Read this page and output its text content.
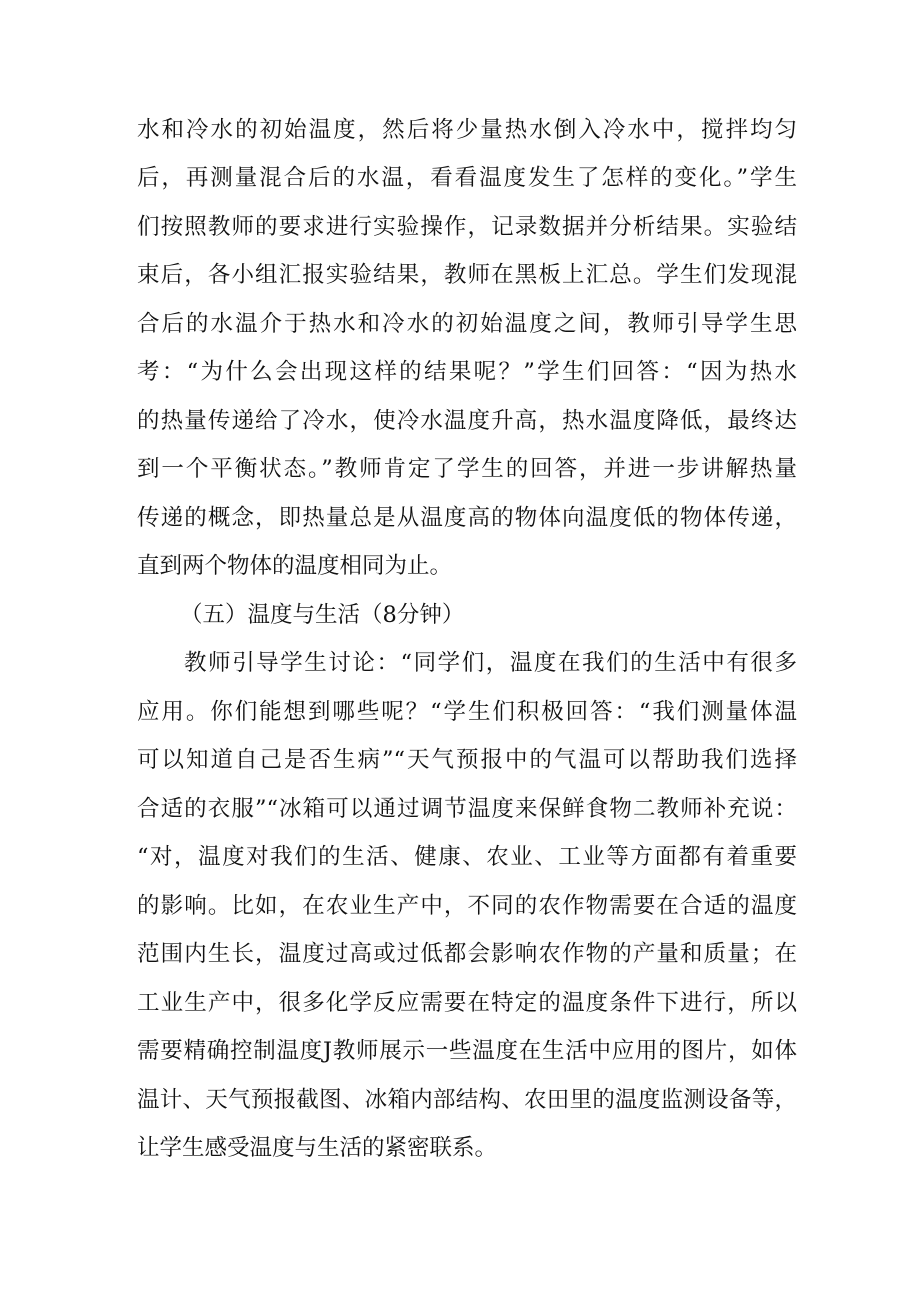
水和冷水的初始温度，然后将少量热水倒入冷水中，搅拌均匀
后，再测量混合后的水温，看看温度发生了怎样的变化。”学生
们按照教师的要求进行实验操作，记录数据并分析结果。实验结
束后，各小组汇报实验结果，教师在黑板上汇总。学生们发现混
合后的水温介于热水和冷水的初始温度之间，教师引导学生思
考：“为什么会出现这样的结果呢？”学生们回答：“因为热水
的热量传递给了冷水，使冷水温度升高，热水温度降低，最终达
到一个平衡状态。”教师肯定了学生的回答，并进一步讲解热量
传递的概念，即热量总是从温度高的物体向温度低的物体传递，
直到两个物体的温度相同为止。
（五）温度与生活（8分钟）
教师引导学生讨论：“同学们，温度在我们的生活中有很多
应用。你们能想到哪些呢？“学生们积极回答：“我们测量体温
可以知道自己是否生病”“天气预报中的气温可以帮助我们选择
合适的衣服”“冰箱可以通过调节温度来保鲜食物二教师补充说：
“对，温度对我们的生活、健康、农业、工业等方面都有着重要
的影响。比如，在农业生产中，不同的农作物需要在合适的温度
范围内生长，温度过高或过低都会影响农作物的产量和质量；在
工业生产中，很多化学反应需要在特定的温度条件下进行，所以
需要精确控制温度J教师展示一些温度在生活中应用的图片，如体
温计、天气预报截图、冰箱内部结构、农田里的温度监测设备等，
让学生感受温度与生活的紧密联系。
